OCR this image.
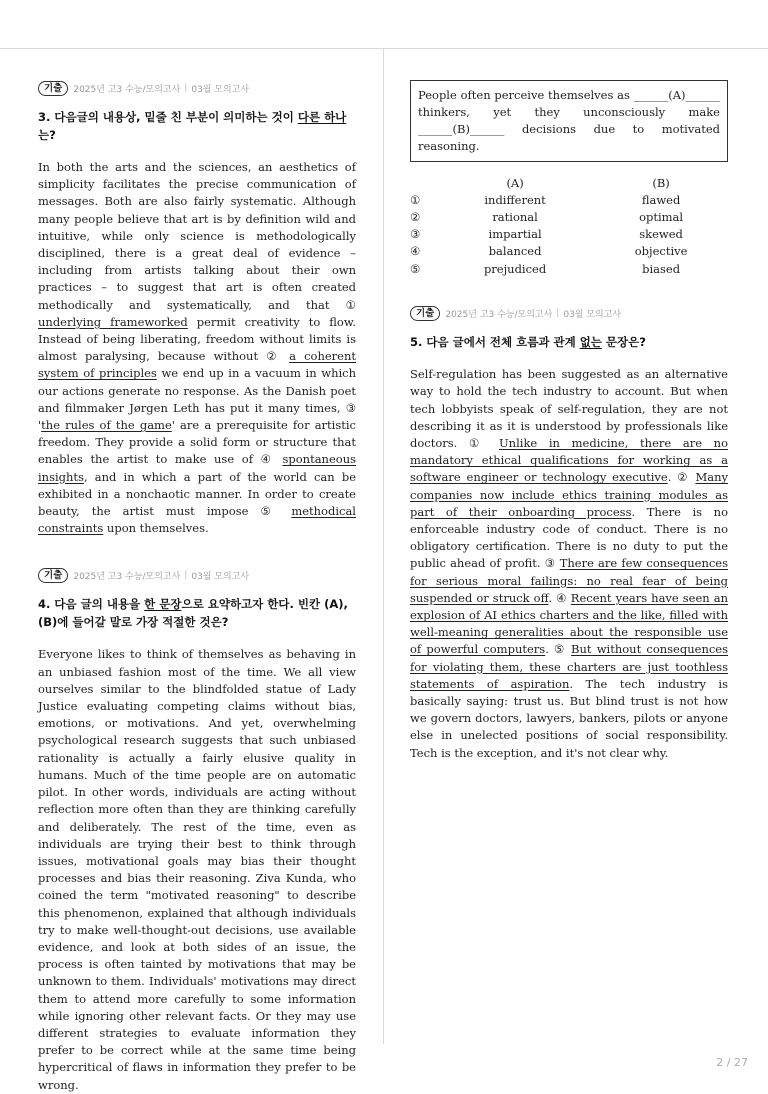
기출	2025년 고3 수능/모의고사 | 03월 모의고사
3. 다음글의 내용상, 밑줄 친 부분이 의미하는 것이 다른 하나는?

In both the arts and the sciences, an aesthetics of simplicity facilitates the precise communication of messages. Both are also fairly systematic. Although many people believe that art is by definition wild and intuitive, while only science is methodologically disciplined, there is a great deal of evidence – including from artists talking about their own practices – to suggest that art is often created methodically and systematically, and that ① underlying frameworked permit creativity to flow. Instead of being liberating, freedom without limits is almost paralysing, because without ② a coherent system of principles we end up in a vacuum in which our actions generate no response. As the Danish poet and filmmaker Jørgen Leth has put it many times, ③ 'the rules of the game' are a prerequisite for artistic freedom. They provide a solid form or structure that enables the artist to make use of ④ spontaneous insights, and in which a part of the world can be exhibited in a nonchaotic manner. In order to create beauty, the artist must impose ⑤ methodical constraints upon themselves.

기출	2025년 고3 수능/모의고사 | 03월 모의고사
4. 다음 글의 내용을 한 문장으로 요약하고자 한다. 빈칸 (A), (B)에 들어갈 말로 가장 적절한 것은?

Everyone likes to think of themselves as behaving in an unbiased fashion most of the time. We all view ourselves similar to the blindfolded statue of Lady Justice evaluating competing claims without bias, emotions, or motivations. And yet, overwhelming psychological research suggests that such unbiased rationality is actually a fairly elusive quality in humans. Much of the time people are on automatic pilot. In other words, individuals are acting without reflection more often than they are thinking carefully and deliberately. The rest of the time, even as individuals are trying their best to think through issues, motivational goals may bias their thought processes and bias their reasoning. Ziva Kunda, who coined the term "motivated reasoning" to describe this phenomenon, explained that although individuals try to make well-thought-out decisions, use available evidence, and look at both sides of an issue, the process is often tainted by motivations that may be unknown to them. Individuals' motivations may direct them to attend more carefully to some information while ignoring other relevant facts. Or they may use different strategies to evaluate information they prefer to be correct while at the same time being hypercritical of flaws in information they prefer to be wrong.

People often perceive themselves as ______(A)______ thinkers, yet they unconsciously make ______(B)______ decisions due to motivated reasoning.
	(A)	(B)
①	indifferent	flawed
②	rational	optimal
③	impartial	skewed
④	balanced	objective
⑤	prejudiced	biased
기출	2025년 고3 수능/모의고사 | 03월 모의고사
5. 다음 글에서 전체 흐름과 관계 없는 문장은?

Self-regulation has been suggested as an alternative way to hold the tech industry to account. But when tech lobbyists speak of self-regulation, they are not describing it as it is understood by professionals like doctors. ① Unlike in medicine, there are no mandatory ethical qualifications for working as a software engineer or technology executive. ② Many companies now include ethics training modules as part of their onboarding process. There is no enforceable industry code of conduct. There is no obligatory certification. There is no duty to put the public ahead of profit. ③ There are few consequences for serious moral failings: no real fear of being suspended or struck off. ④ Recent years have seen an explosion of AI ethics charters and the like, filled with well-meaning generalities about the responsible use of powerful computers. ⑤ But without consequences for violating them, these charters are just toothless statements of aspiration. The tech industry is basically saying: trust us. But blind trust is not how we govern doctors, lawyers, bankers, pilots or anyone else in unelected positions of social responsibility. Tech is the exception, and it's not clear why.

2 / 27
